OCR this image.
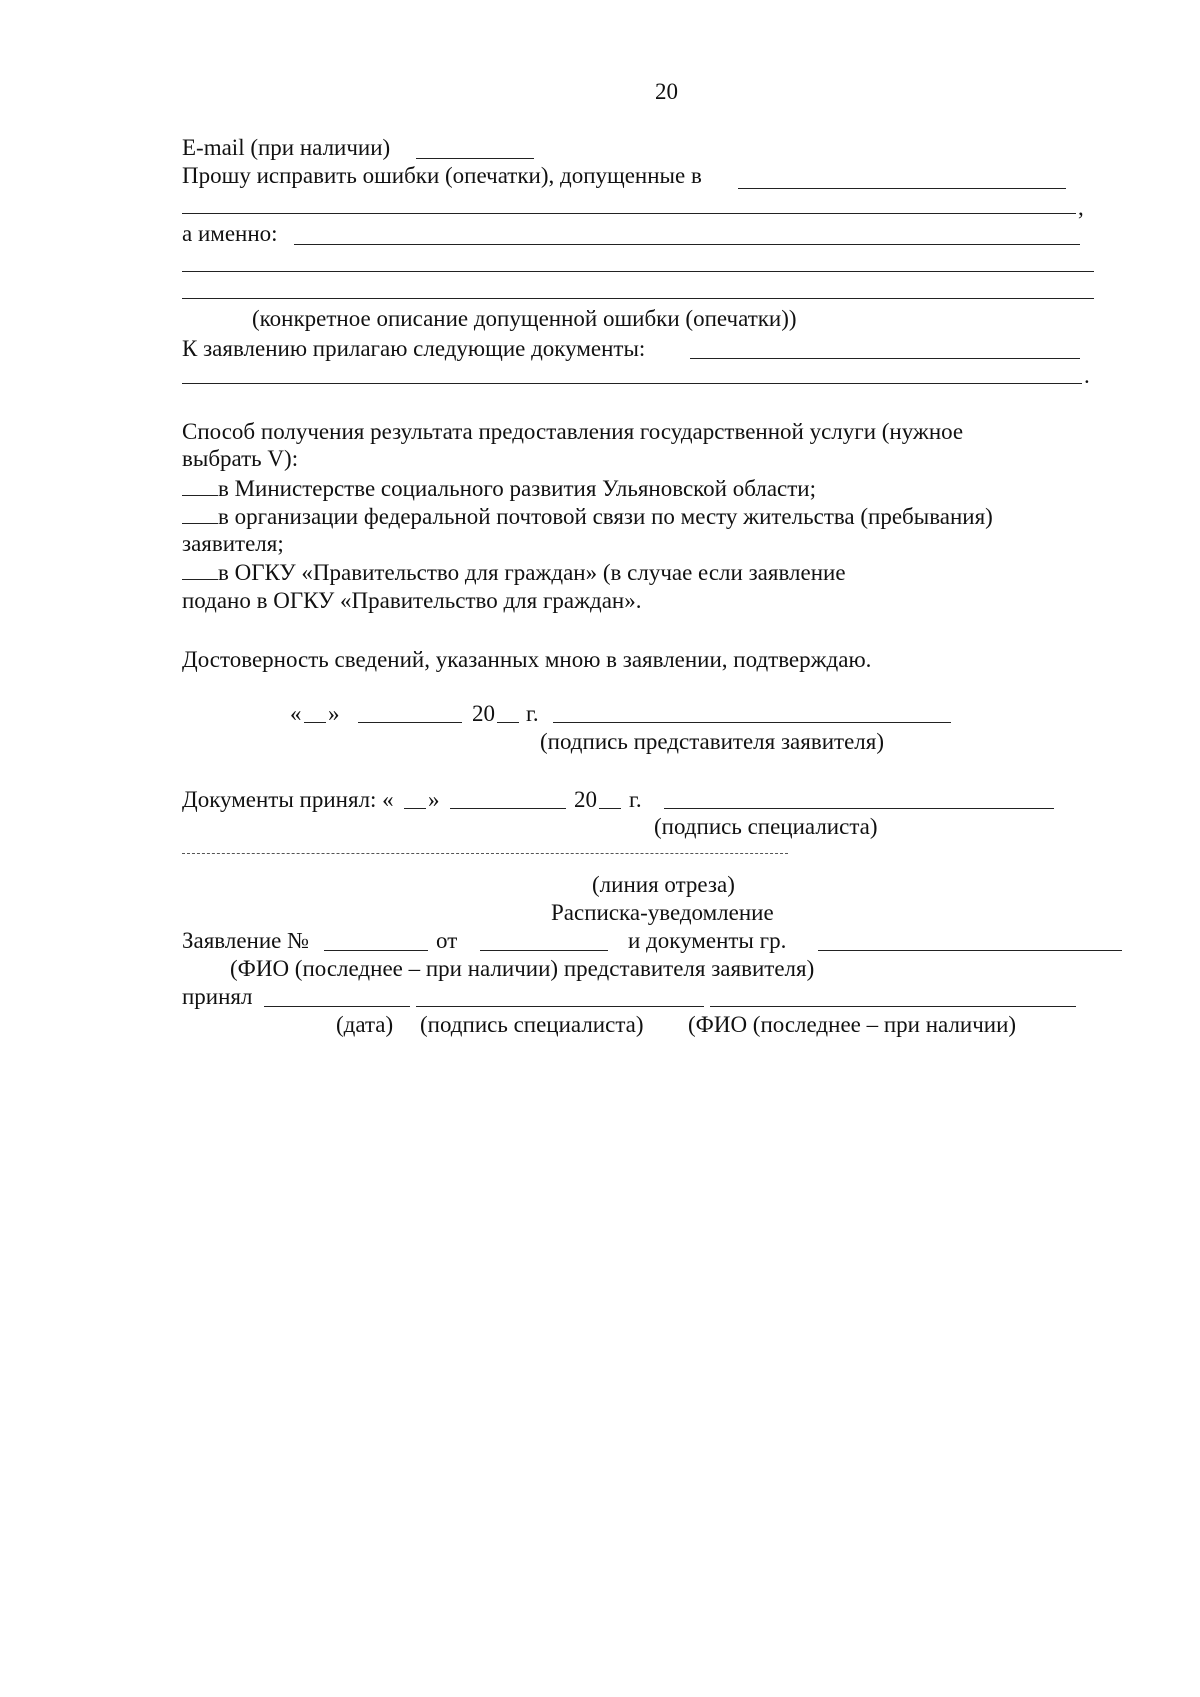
20
E-mail (при наличии)
Прошу исправить ошибки (опечатки), допущенные в
,
а именно:
(конкретное описание допущенной ошибки (опечатки))
К заявлению прилагаю следующие документы:
.
Способ получения результата предоставления государственной услуги (нужное
выбрать V):
в Министерстве социального развития Ульяновской области;
в организации федеральной почтовой связи по месту жительства (пребывания)
заявителя;
в ОГКУ «Правительство для граждан» (в случае если заявление
подано в ОГКУ «Правительство для граждан».
Достоверность сведений, указанных мною в заявлении, подтверждаю.
« »	20 г.
(подпись представителя заявителя)
Документы принял: « »	20 г.
(подпись специалиста)
(линия отреза)
Расписка-уведомление
Заявление №	от	и документы гр.
(ФИО (последнее – при наличии) представителя заявителя)
принял
(дата) (подпись специалиста) (ФИО (последнее – при наличии)
